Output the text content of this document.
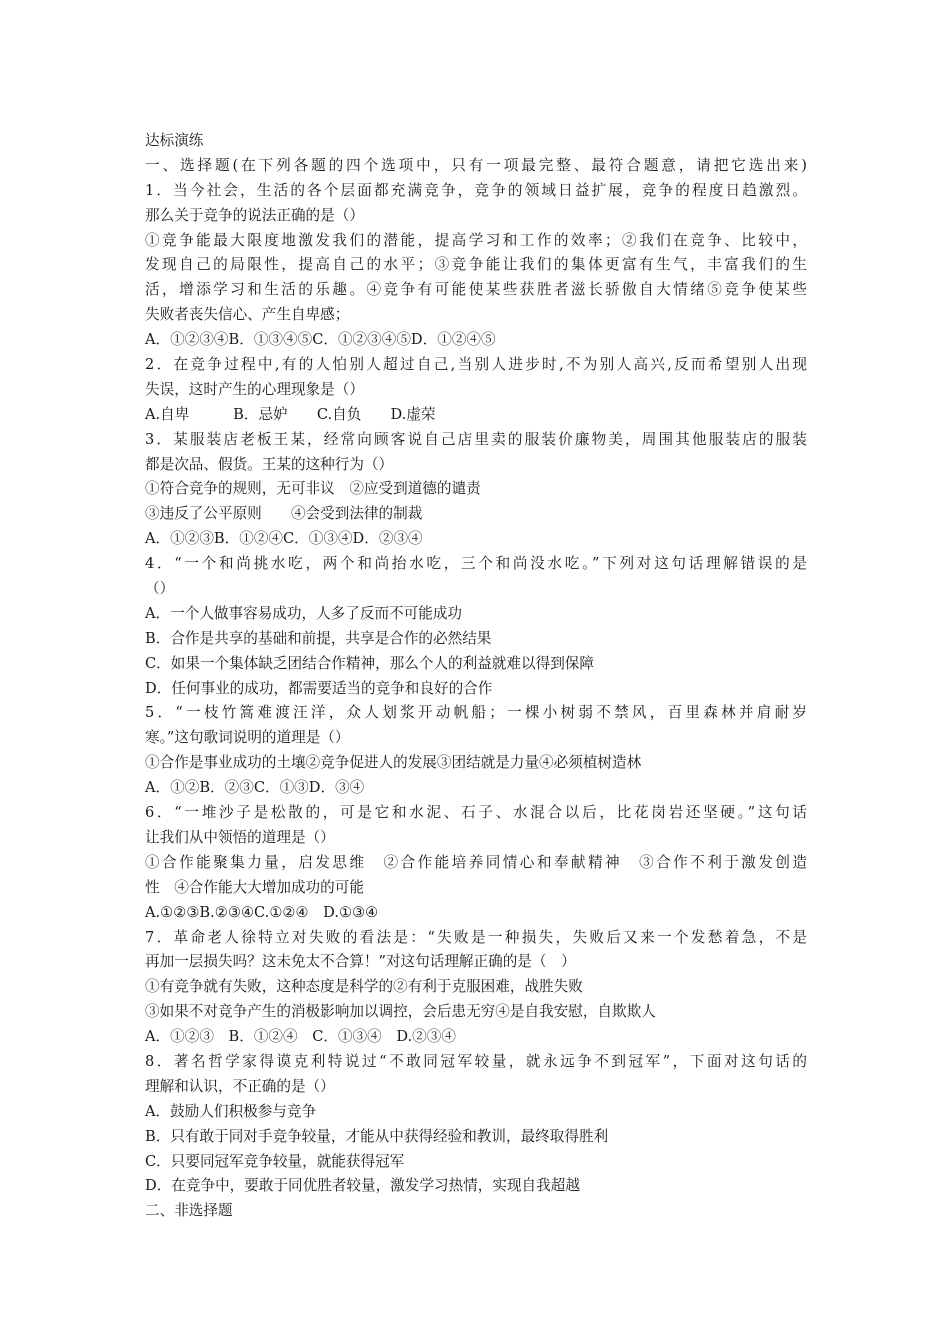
达标演练
一、选择题(在下列各题的四个选项中，只有一项最完整、最符合题意，请把它选出来)
1．当今社会，生活的各个层面都充满竞争，竞争的领域日益扩展，竞争的程度日趋激烈。
那么关于竞争的说法正确的是（）
①竞争能最大限度地激发我们的潜能，提高学习和工作的效率；②我们在竞争、比较中，
发现自己的局限性，提高自己的水平；③竞争能让我们的集体更富有生气，丰富我们的生
活，增添学习和生活的乐趣。④竞争有可能使某些获胜者滋长骄傲自大情绪⑤竞争使某些
失败者丧失信心、产生自卑感；
A．①②③④B．①③④⑤C．①②③④⑤D．①②④⑤
2．在竞争过程中,有的人怕别人超过自己,当别人进步时,不为别人高兴,反而希望别人出现
失误，这时产生的心理现象是（）
A.自卑　　　B．忌妒　　C.自负　　D.虚荣
3．某服装店老板王某，经常向顾客说自己店里卖的服装价廉物美，周围其他服装店的服装
都是次品、假货。王某的这种行为（）
①符合竞争的规则，无可非议　②应受到道德的谴责
③违反了公平原则　　④会受到法律的制裁
A．①②③B．①②④C．①③④D．②③④
4．“一个和尚挑水吃，两个和尚抬水吃，三个和尚没水吃。”下列对这句话理解错误的是
（）
A．一个人做事容易成功，人多了反而不可能成功
B．合作是共享的基础和前提，共享是合作的必然结果
C．如果一个集体缺乏团结合作精神，那么个人的利益就难以得到保障
D．任何事业的成功，都需要适当的竞争和良好的合作
5．“一枝竹篙难渡汪洋，众人划浆开动帆船；一棵小树弱不禁风，百里森林并肩耐岁
寒。”这句歌词说明的道理是（）
①合作是事业成功的土壤②竞争促进人的发展③团结就是力量④必须植树造林
A．①②B．②③C．①③D．③④
6．“一堆沙子是松散的，可是它和水泥、石子、水混合以后，比花岗岩还坚硬。”这句话
让我们从中领悟的道理是（）
①合作能聚集力量，启发思维　②合作能培养同情心和奉献精神　③合作不利于激发创造
性　④合作能大大增加成功的可能
A.①②③B.②③④C.①②④　D.①③④
7．革命老人徐特立对失败的看法是：“失败是一种损失，失败后又来一个发愁着急，不是
再加一层损失吗？这未免太不合算！”对这句话理解正确的是（　）
①有竞争就有失败，这种态度是科学的②有利于克服困难，战胜失败
③如果不对竞争产生的消极影响加以调控，会后患无穷④是自我安慰，自欺欺人
A．①②③　B．①②④　C．①③④　D.②③④
8．著名哲学家得谟克利特说过“不敢同冠军较量，就永远争不到冠军”，下面对这句话的
理解和认识，不正确的是（）
A．鼓励人们积极参与竞争
B．只有敢于同对手竞争较量，才能从中获得经验和教训，最终取得胜利
C．只要同冠军竞争较量，就能获得冠军
D．在竞争中，要敢于同优胜者较量，激发学习热情，实现自我超越
二、非选择题
